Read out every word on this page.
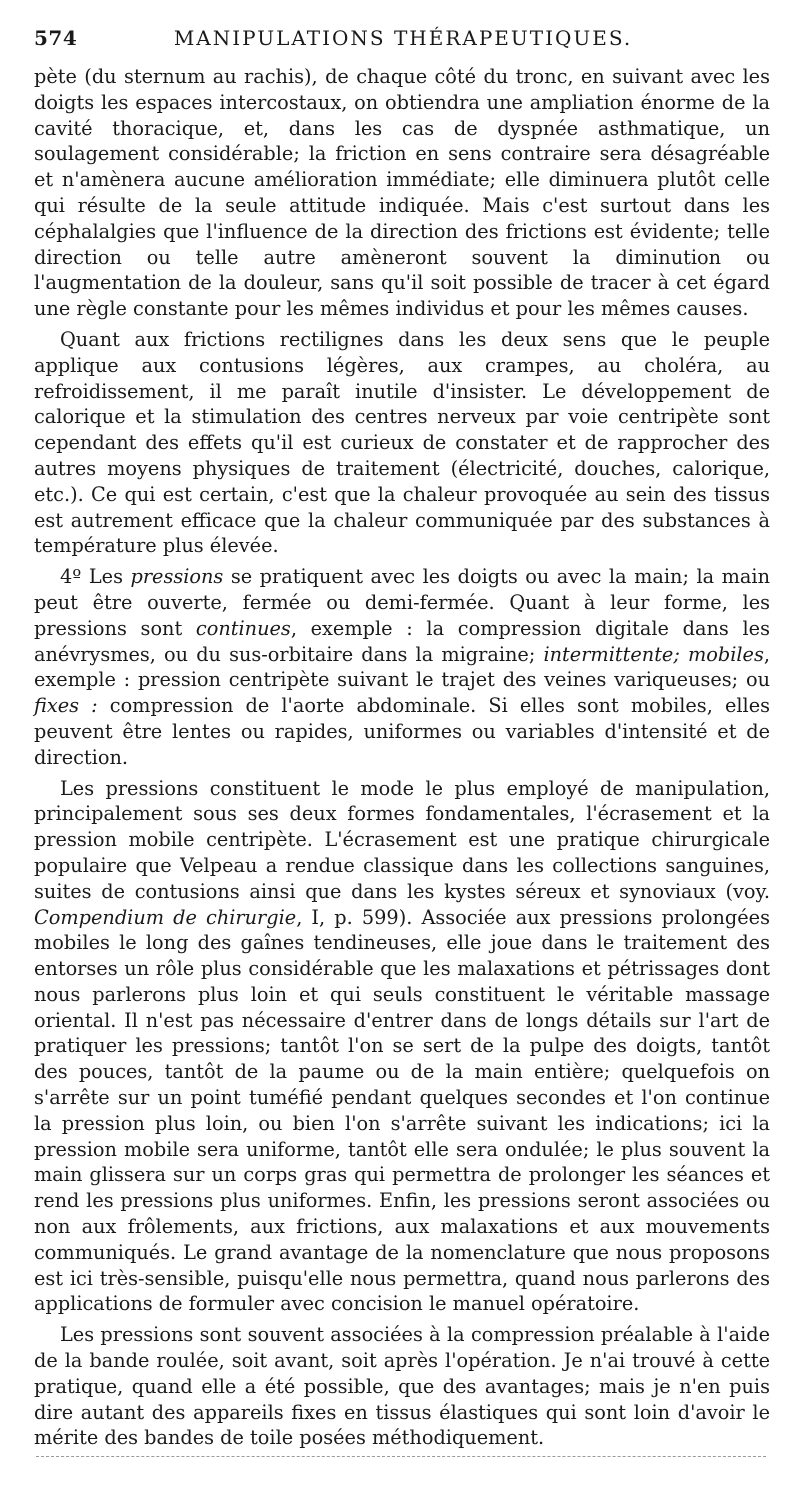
574	MANIPULATIONS THÉRAPEUTIQUES.

pète (du sternum au rachis), de chaque côté du tronc, en suivant avec les doigts les espaces intercostaux, on obtiendra une ampliation énorme de la cavité thoracique, et, dans les cas de dyspnée asthmatique, un soulagement considérable; la friction en sens contraire sera désagréable et n'amènera aucune amélioration immédiate; elle diminuera plutôt celle qui résulte de la seule attitude indiquée. Mais c'est surtout dans les céphalalgies que l'influence de la direction des frictions est évidente; telle direction ou telle autre amèneront souvent la diminution ou l'augmentation de la douleur, sans qu'il soit possible de tracer à cet égard une règle constante pour les mêmes individus et pour les mêmes causes.

Quant aux frictions rectilignes dans les deux sens que le peuple applique aux contusions légères, aux crampes, au choléra, au refroidissement, il me paraît inutile d'insister. Le développement de calorique et la stimulation des centres nerveux par voie centripète sont cependant des effets qu'il est curieux de constater et de rapprocher des autres moyens physiques de traitement (électricité, douches, calorique, etc.). Ce qui est certain, c'est que la chaleur provoquée au sein des tissus est autrement efficace que la chaleur communiquée par des substances à température plus élevée.

4º Les pressions se pratiquent avec les doigts ou avec la main; la main peut être ouverte, fermée ou demi-fermée. Quant à leur forme, les pressions sont continues, exemple : la compression digitale dans les anévrysmes, ou du sus-orbitaire dans la migraine; intermittente; mobiles, exemple : pression centripète suivant le trajet des veines variqueuses; ou fixes : compression de l'aorte abdominale. Si elles sont mobiles, elles peuvent être lentes ou rapides, uniformes ou variables d'intensité et de direction.

Les pressions constituent le mode le plus employé de manipulation, principalement sous ses deux formes fondamentales, l'écrasement et la pression mobile centripète. L'écrasement est une pratique chirurgicale populaire que Velpeau a rendue classique dans les collections sanguines, suites de contusions ainsi que dans les kystes séreux et synoviaux (voy. Compendium de chirurgie, I, p. 599). Associée aux pressions prolongées mobiles le long des gaînes tendineuses, elle joue dans le traitement des entorses un rôle plus considérable que les malaxations et pétrissages dont nous parlerons plus loin et qui seuls constituent le véritable massage oriental. Il n'est pas nécessaire d'entrer dans de longs détails sur l'art de pratiquer les pressions; tantôt l'on se sert de la pulpe des doigts, tantôt des pouces, tantôt de la paume ou de la main entière; quelquefois on s'arrête sur un point tuméfié pendant quelques secondes et l'on continue la pression plus loin, ou bien l'on s'arrête suivant les indications; ici la pression mobile sera uniforme, tantôt elle sera ondulée; le plus souvent la main glissera sur un corps gras qui permettra de prolonger les séances et rend les pressions plus uniformes. Enfin, les pressions seront associées ou non aux frôlements, aux frictions, aux malaxations et aux mouvements communiqués. Le grand avantage de la nomenclature que nous proposons est ici très-sensible, puisqu'elle nous permettra, quand nous parlerons des applications de formuler avec concision le manuel opératoire.

Les pressions sont souvent associées à la compression préalable à l'aide de la bande roulée, soit avant, soit après l'opération. Je n'ai trouvé à cette pratique, quand elle a été possible, que des avantages; mais je n'en puis dire autant des appareils fixes en tissus élastiques qui sont loin d'avoir le mérite des bandes de toile posées méthodiquement.
